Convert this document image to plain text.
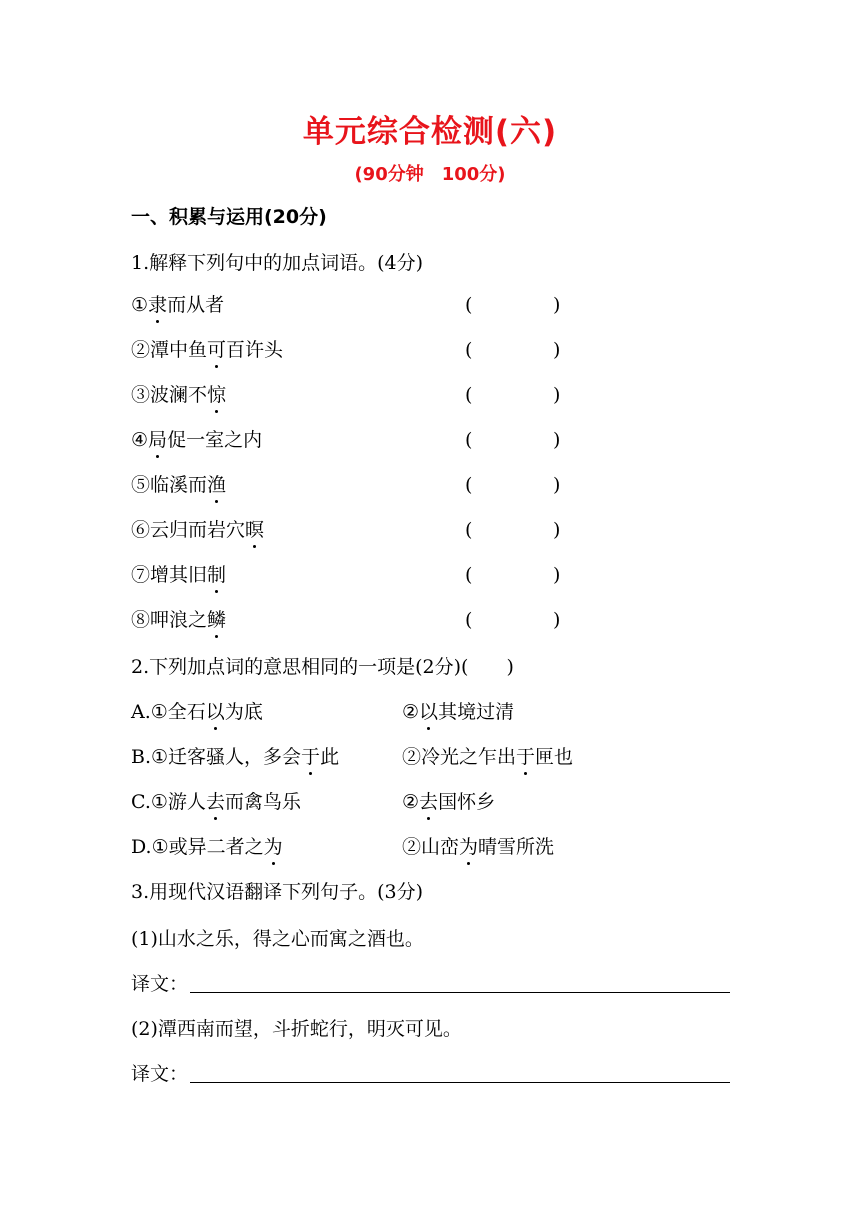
单元综合检测(六)
(90分钟　100分)
一、积累与运用(20分)
1.解释下列句中的加点词语。(4分)
①隶而从者	(	)
②潭中鱼可百许头	(	)
③波澜不惊	(	)
④局促一室之内	(	)
⑤临溪而渔	(	)
⑥云归而岩穴暝	(	)
⑦增其旧制	(	)
⑧呷浪之鳞	(	)
2.下列加点词的意思相同的一项是(2分)(　　)
A.①全石以为底	②以其境过清
B.①迁客骚人，多会于此	②冷光之乍出于匣也
C.①游人去而禽鸟乐	②去国怀乡
D.①或异二者之为	②山峦为晴雪所洗
3.用现代汉语翻译下列句子。(3分)
(1)山水之乐，得之心而寓之酒也。
译文：
(2)潭西南而望，斗折蛇行，明灭可见。
译文：
